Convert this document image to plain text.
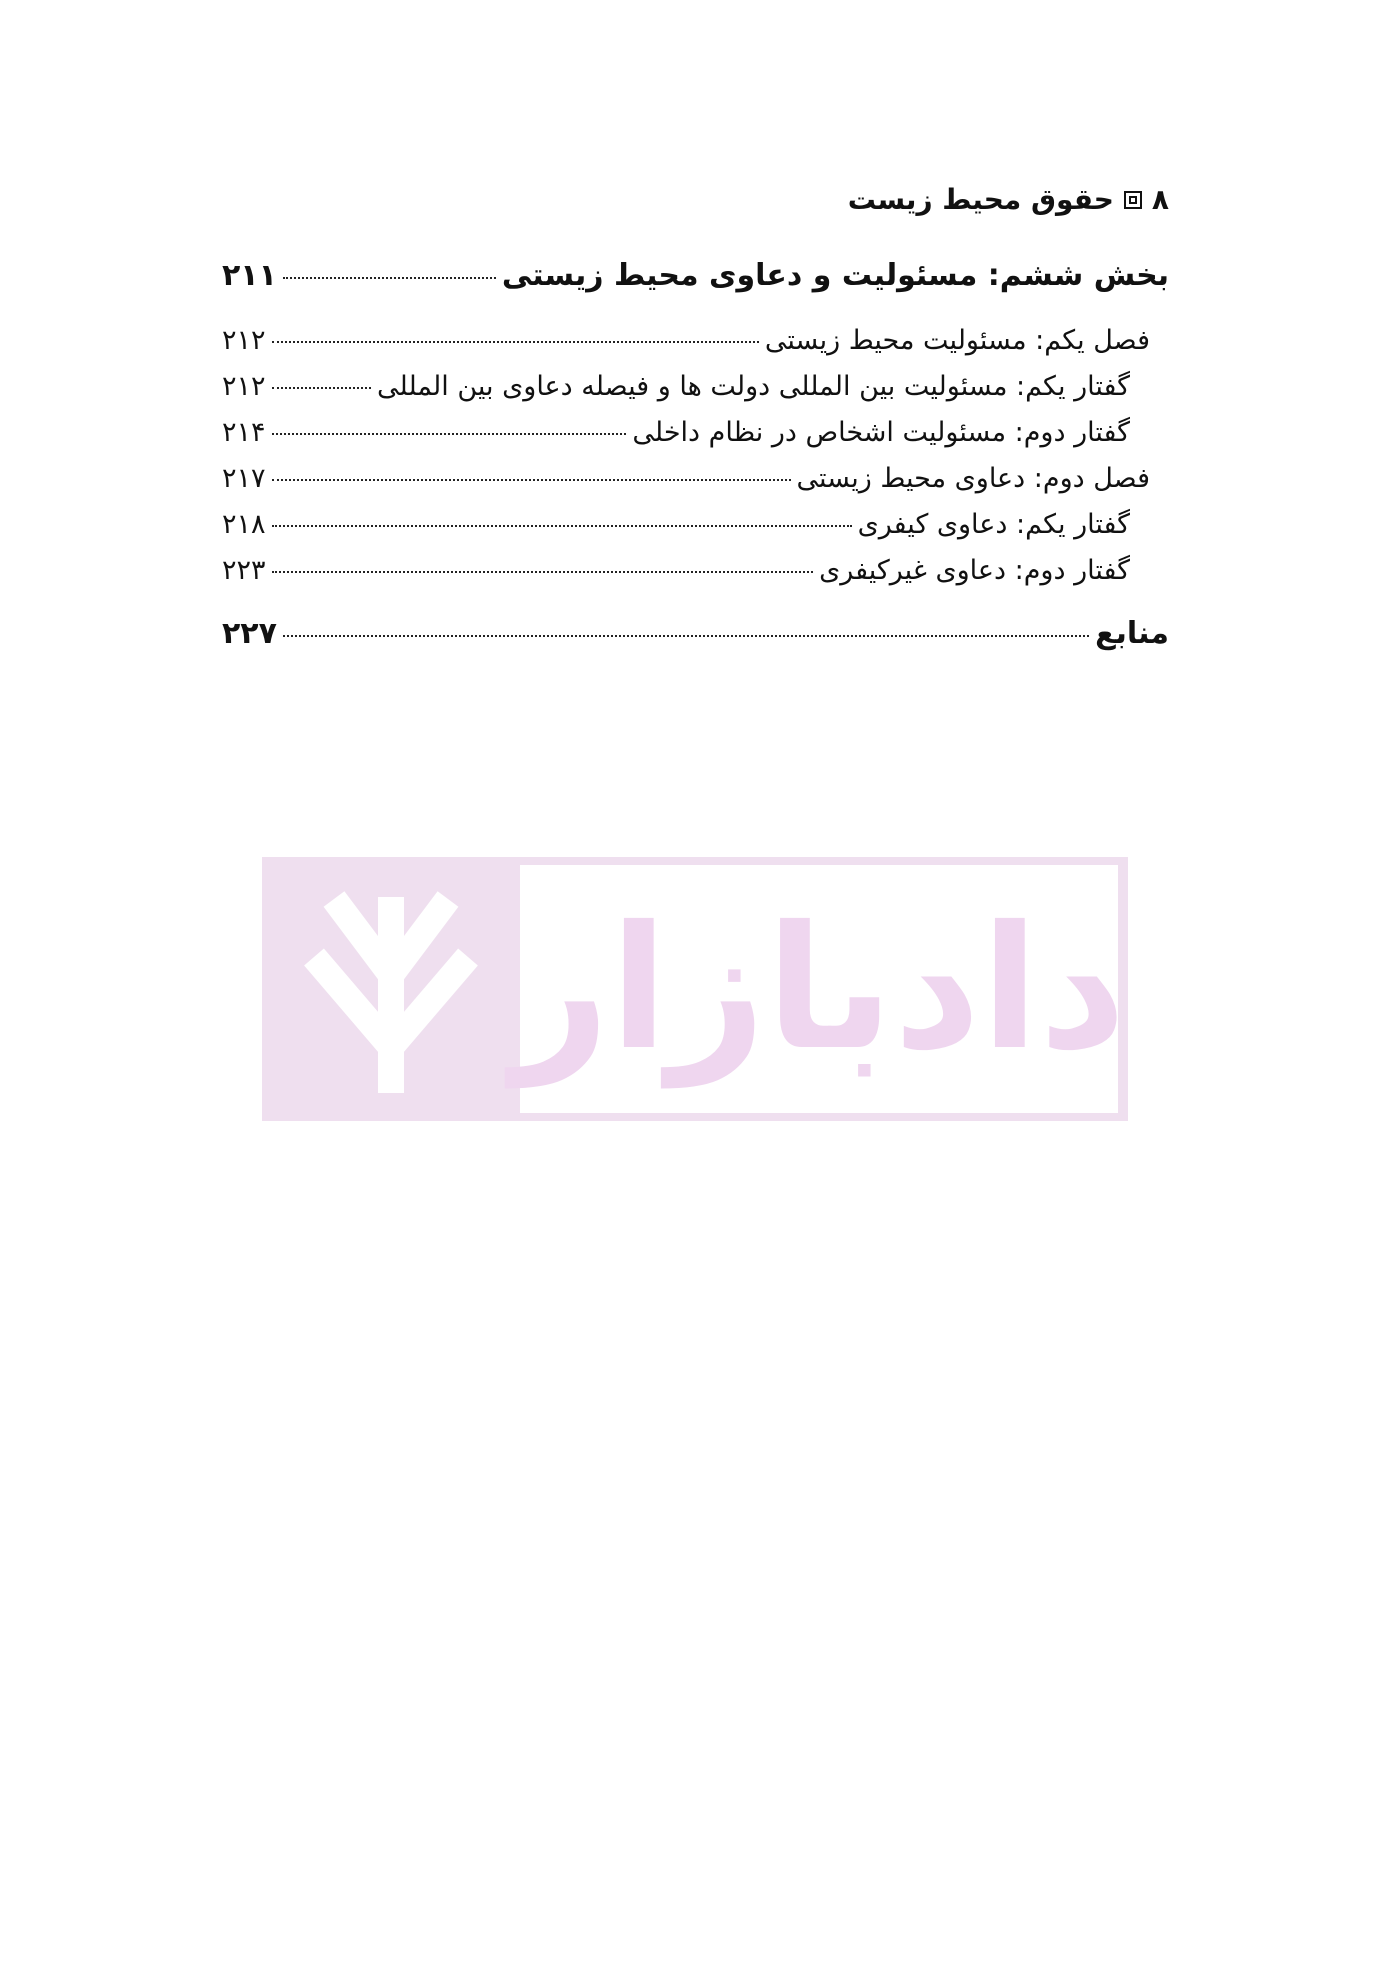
۸
حقوق محیط زیست
بخش ششم: مسئولیت و دعاوی محیط زیستی
۲۱۱
فصل یکم: مسئولیت محیط زیستی
۲۱۲
گفتار یکم: مسئولیت بین المللی دولت ها و فیصله دعاوی بین المللی
۲۱۲
گفتار دوم: مسئولیت اشخاص در نظام داخلی
۲۱۴
فصل دوم: دعاوی محیط زیستی
۲۱۷
گفتار یکم: دعاوی کیفری
۲۱۸
گفتار دوم: دعاوی غیرکیفری
۲۲۳
منابع
۲۲۷
دادبازار
